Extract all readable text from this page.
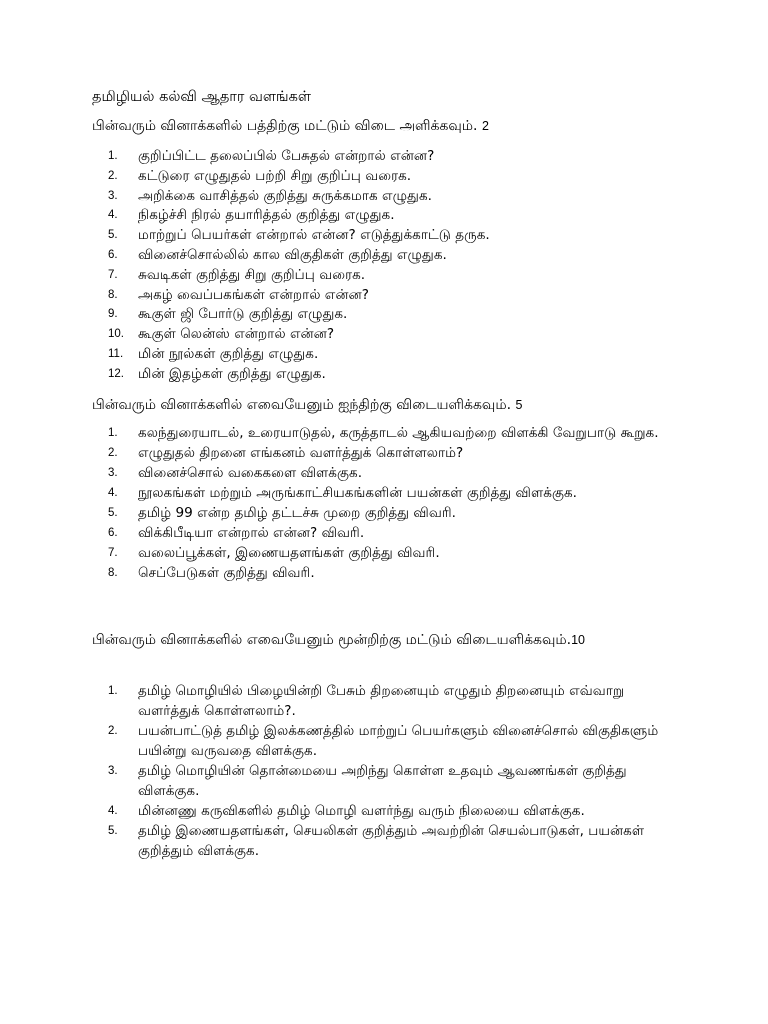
தமிழியல் கல்வி ஆதார வளங்கள்
பின்வரும் வினாக்களில் பத்திற்கு மட்டும் விடை அளிக்கவும். 2
1.	குறிப்பிட்ட தலைப்பில் பேசுதல் என்றால் என்ன?
2.	கட்டுரை எழுதுதல் பற்றி சிறு குறிப்பு வரைக.
3.	அறிக்கை வாசித்தல் குறித்து சுருக்கமாக எழுதுக.
4.	நிகழ்ச்சி நிரல் தயாரித்தல் குறித்து எழுதுக.
5.	மாற்றுப் பெயர்கள் என்றால் என்ன? எடுத்துக்காட்டு தருக.
6.	வினைச்சொல்லில் கால விகுதிகள் குறித்து எழுதுக.
7.	சுவடிகள் குறித்து சிறு குறிப்பு வரைக.
8.	அகழ் வைப்பகங்கள் என்றால் என்ன?
9.	கூகுள் ஜி போர்டு குறித்து எழுதுக.
10.	கூகுள் லென்ஸ் என்றால் என்ன?
11.	மின் நூல்கள் குறித்து எழுதுக.
12.	மின் இதழ்கள் குறித்து எழுதுக.
பின்வரும் வினாக்களில் எவையேனும் ஐந்திற்கு விடையளிக்கவும். 5
1.	கலந்துரையாடல், உரையாடுதல், கருத்தாடல் ஆகியவற்றை விளக்கி வேறுபாடு கூறுக.
2.	எழுதுதல் திறனை எங்கனம் வளர்த்துக் கொள்ளலாம்?
3.	வினைச்சொல் வகைகளை விளக்குக.
4.	நூலகங்கள் மற்றும் அருங்காட்சியகங்களின் பயன்கள் குறித்து விளக்குக.
5.	தமிழ் 99 என்ற தமிழ் தட்டச்சு முறை குறித்து விவரி.
6.	விக்கிபீடியா என்றால் என்ன? விவரி.
7.	வலைப்பூக்கள், இணையதளங்கள் குறித்து விவரி.
8.	செப்பேடுகள் குறித்து விவரி.
பின்வரும் வினாக்களில் எவையேனும் மூன்றிற்கு மட்டும் விடையளிக்கவும்.10
1.	தமிழ் மொழியில் பிழையின்றி பேசும் திறனையும் எழுதும் திறனையும் எவ்வாறு வளர்த்துக் கொள்ளலாம்?.
2.	பயன்பாட்டுத் தமிழ் இலக்கணத்தில் மாற்றுப் பெயர்களும் வினைச்சொல் விகுதிகளும் பயின்று வருவதை விளக்குக.
3.	தமிழ் மொழியின் தொன்மையை அறிந்து கொள்ள உதவும் ஆவணங்கள் குறித்து விளக்குக.
4.	மின்னணு கருவிகளில் தமிழ் மொழி வளர்ந்து வரும் நிலையை விளக்குக.
5.	தமிழ் இணையதளங்கள், செயலிகள் குறித்தும் அவற்றின் செயல்பாடுகள், பயன்கள் குறித்தும் விளக்குக.
